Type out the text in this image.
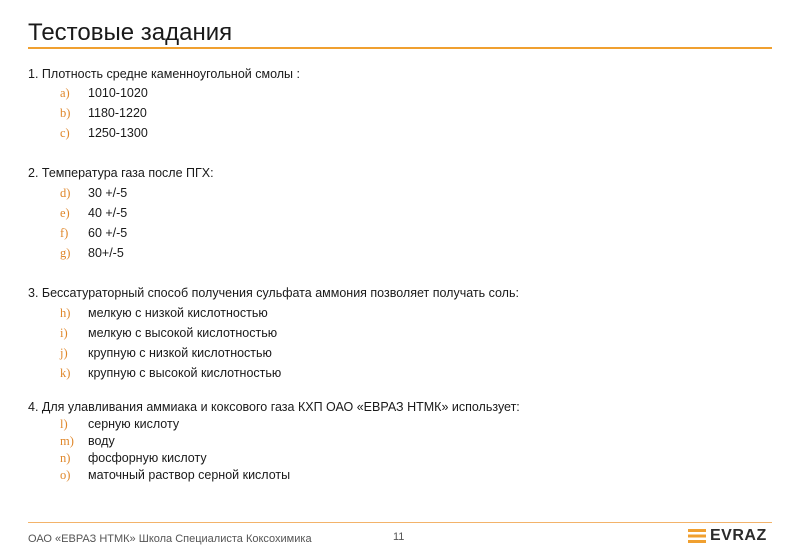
Тестовые задания
1. Плотность средне каменноугольной смолы :
a) 1010-1020
b) 1180-1220
c) 1250-1300
2. Температура газа после ПГХ:
d) 30 +/-5
e) 40 +/-5
f) 60 +/-5
g) 80+/-5
3. Бессатураторный способ получения сульфата аммония позволяет получать соль:
h) мелкую с низкой кислотностью
i) мелкую с высокой кислотностью
j) крупную с низкой кислотностью
k) крупную с высокой кислотностью
4. Для улавливания аммиака и коксового газа КХП ОАО «ЕВРАЗ НТМК» использует:
l) серную кислоту
m) воду
n) фосфорную кислоту
o) маточный раствор серной кислоты
ОАО «ЕВРАЗ НТМК» Школа Специалиста Коксохимика	11	EVRAZ
